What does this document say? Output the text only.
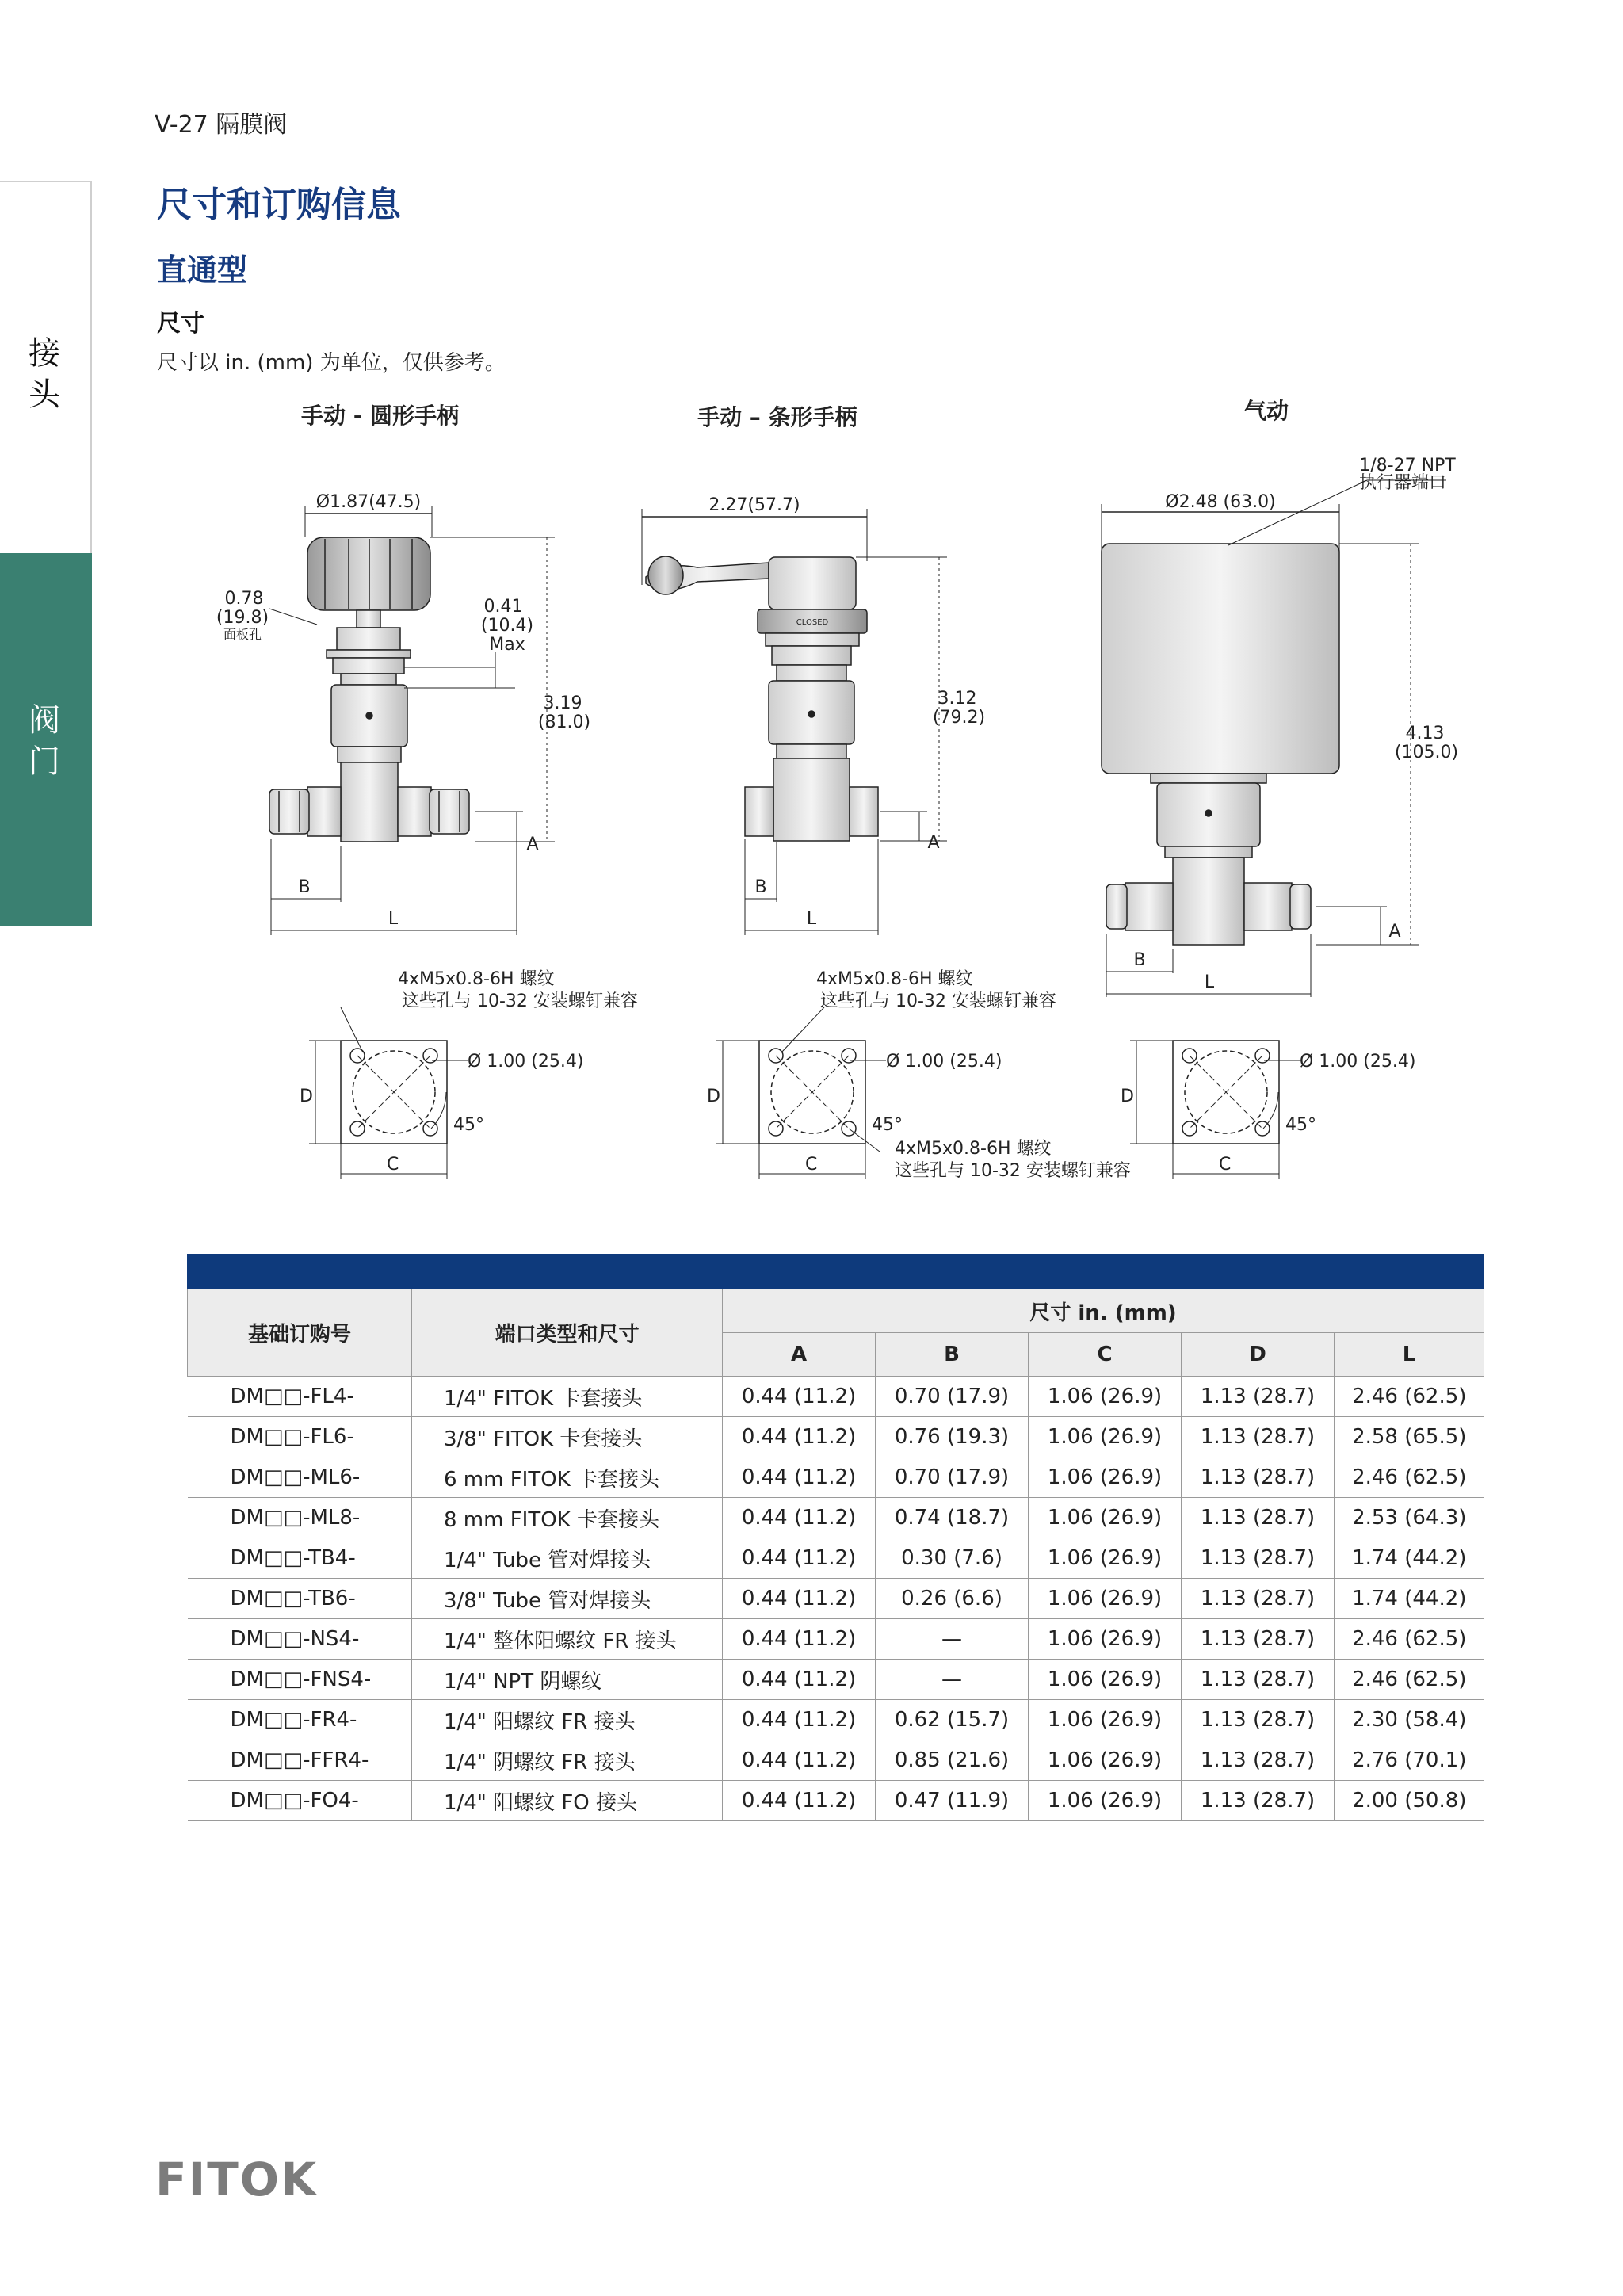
V-27 隔膜阀
尺寸和订购信息
直通型
尺寸
尺寸以 in. (mm) 为单位，仅供参考。
接头
阀门
手动 - 圆形手柄	手动 – 条形手柄	气动
Ø1.87(47.5)
0.78
(19.8)
面板孔
0.41
(10.4)
Max
3.19
(81.0)
A
B
L
2.27(57.7)
CLOSED
3.12
(79.2)
A
B
L
Ø2.48 (63.0)
1/8-27 NPT
执行器端口
4.13
(105.0)
A
B
L
4xM5x0.8-6H 螺纹
这些孔与 10-32 安装螺钉兼容
Ø 1.00 (25.4)
45°
D
C
4xM5x0.8-6H 螺纹
这些孔与 10-32 安装螺钉兼容
Ø 1.00 (25.4)
45°
4xM5x0.8-6H 螺纹
这些孔与 10-32 安装螺钉兼容
D
C
Ø 1.00 (25.4)
45°
D
C
基础订购号	端口类型和尺寸	尺寸 in. (mm)				
		A	B	C	D	L
DM□□-FL4-	1/4" FITOK 卡套接头	0.44 (11.2)	0.70 (17.9)	1.06 (26.9)	1.13 (28.7)	2.46 (62.5)
DM□□-FL6-	3/8" FITOK 卡套接头	0.44 (11.2)	0.76 (19.3)	1.06 (26.9)	1.13 (28.7)	2.58 (65.5)
DM□□-ML6-	6 mm FITOK 卡套接头	0.44 (11.2)	0.70 (17.9)	1.06 (26.9)	1.13 (28.7)	2.46 (62.5)
DM□□-ML8-	8 mm FITOK 卡套接头	0.44 (11.2)	0.74 (18.7)	1.06 (26.9)	1.13 (28.7)	2.53 (64.3)
DM□□-TB4-	1/4" Tube 管对焊接头	0.44 (11.2)	0.30 (7.6)	1.06 (26.9)	1.13 (28.7)	1.74 (44.2)
DM□□-TB6-	3/8" Tube 管对焊接头	0.44 (11.2)	0.26 (6.6)	1.06 (26.9)	1.13 (28.7)	1.74 (44.2)
DM□□-NS4-	1/4" 整体阳螺纹 FR 接头	0.44 (11.2)	—	1.06 (26.9)	1.13 (28.7)	2.46 (62.5)
DM□□-FNS4-	1/4" NPT 阴螺纹	0.44 (11.2)	—	1.06 (26.9)	1.13 (28.7)	2.46 (62.5)
DM□□-FR4-	1/4" 阳螺纹 FR 接头	0.44 (11.2)	0.62 (15.7)	1.06 (26.9)	1.13 (28.7)	2.30 (58.4)
DM□□-FFR4-	1/4" 阴螺纹 FR 接头	0.44 (11.2)	0.85 (21.6)	1.06 (26.9)	1.13 (28.7)	2.76 (70.1)
DM□□-FO4-	1/4" 阳螺纹 FO 接头	0.44 (11.2)	0.47 (11.9)	1.06 (26.9)	1.13 (28.7)	2.00 (50.8)
FITOK
